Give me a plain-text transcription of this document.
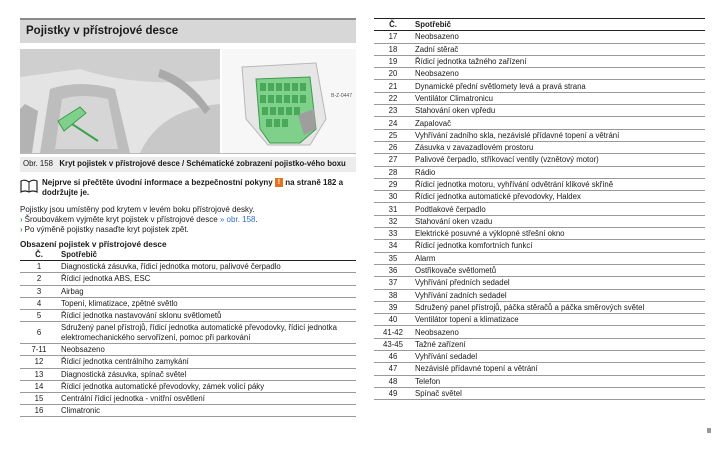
Pojistky v přístrojové desce
B-Z-0447
Obr. 158 Kryt pojistek v přístrojové desce / Schématické zobrazení pojistko-vého boxu
Nejprve si přečtěte úvodní informace a bezpečnostní pokyny ! na straně 182 a dodržujte je.
Pojistky jsou umístěny pod krytem v levém boku přístrojové desky.
› Šroubovákem vyjměte kryt pojistek v přístrojové desce » obr. 158.
› Po výměně pojistky nasaďte kryt pojistek zpět.
Obsazení pojistek v přístrojové desce
Č.	Spotřebič
1	Diagnostická zásuvka, řídicí jednotka motoru, palivové čerpadlo
2	Řídicí jednotka ABS, ESC
3	Airbag
4	Topení, klimatizace, zpětné světlo
5	Řídicí jednotka nastavování sklonu světlometů
6	Sdružený panel přístrojů, řídicí jednotka automatické převodovky, řídicí jednotka elektromechanického servořízení, pomoc při parkování
7-11	Neobsazeno
12	Řídicí jednotka centrálního zamykání
13	Diagnostická zásuvka, spínač světel
14	Řídicí jednotka automatické převodovky, zámek volicí páky
15	Centrální řídicí jednotka - vnitřní osvětlení
16	Climatronic
Č.	Spotřebič
17	Neobsazeno
18	Zadní stěrač
19	Řídicí jednotka tažného zařízení
20	Neobsazeno
21	Dynamické přední světlomety levá a pravá strana
22	Ventilátor Climatronicu
23	Stahování oken vpředu
24	Zapalovač
25	Vyhřívání zadního skla, nezávislé přídavné topení a větrání
26	Zásuvka v zavazadlovém prostoru
27	Palivové čerpadlo, stříkovací ventily (vznětový motor)
28	Rádio
29	Řídicí jednotka motoru, vyhřívání odvětrání klikové skříně
30	Řídicí jednotka automatické převodovky, Haldex
31	Podtlakové čerpadlo
32	Stahování oken vzadu
33	Elektrické posuvné a výklopné střešní okno
34	Řídicí jednotka komfortních funkcí
35	Alarm
36	Ostřikovače světlometů
37	Vyhřívání předních sedadel
38	Vyhřívání zadních sedadel
39	Sdružený panel přístrojů, páčka stěračů a páčka směrových světel
40	Ventilátor topení a klimatizace
41-42	Neobsazeno
43-45	Tažné zařízení
46	Vyhřívání sedadel
47	Nezávislé přídavné topení a větrání
48	Telefon
49	Spínač světel
